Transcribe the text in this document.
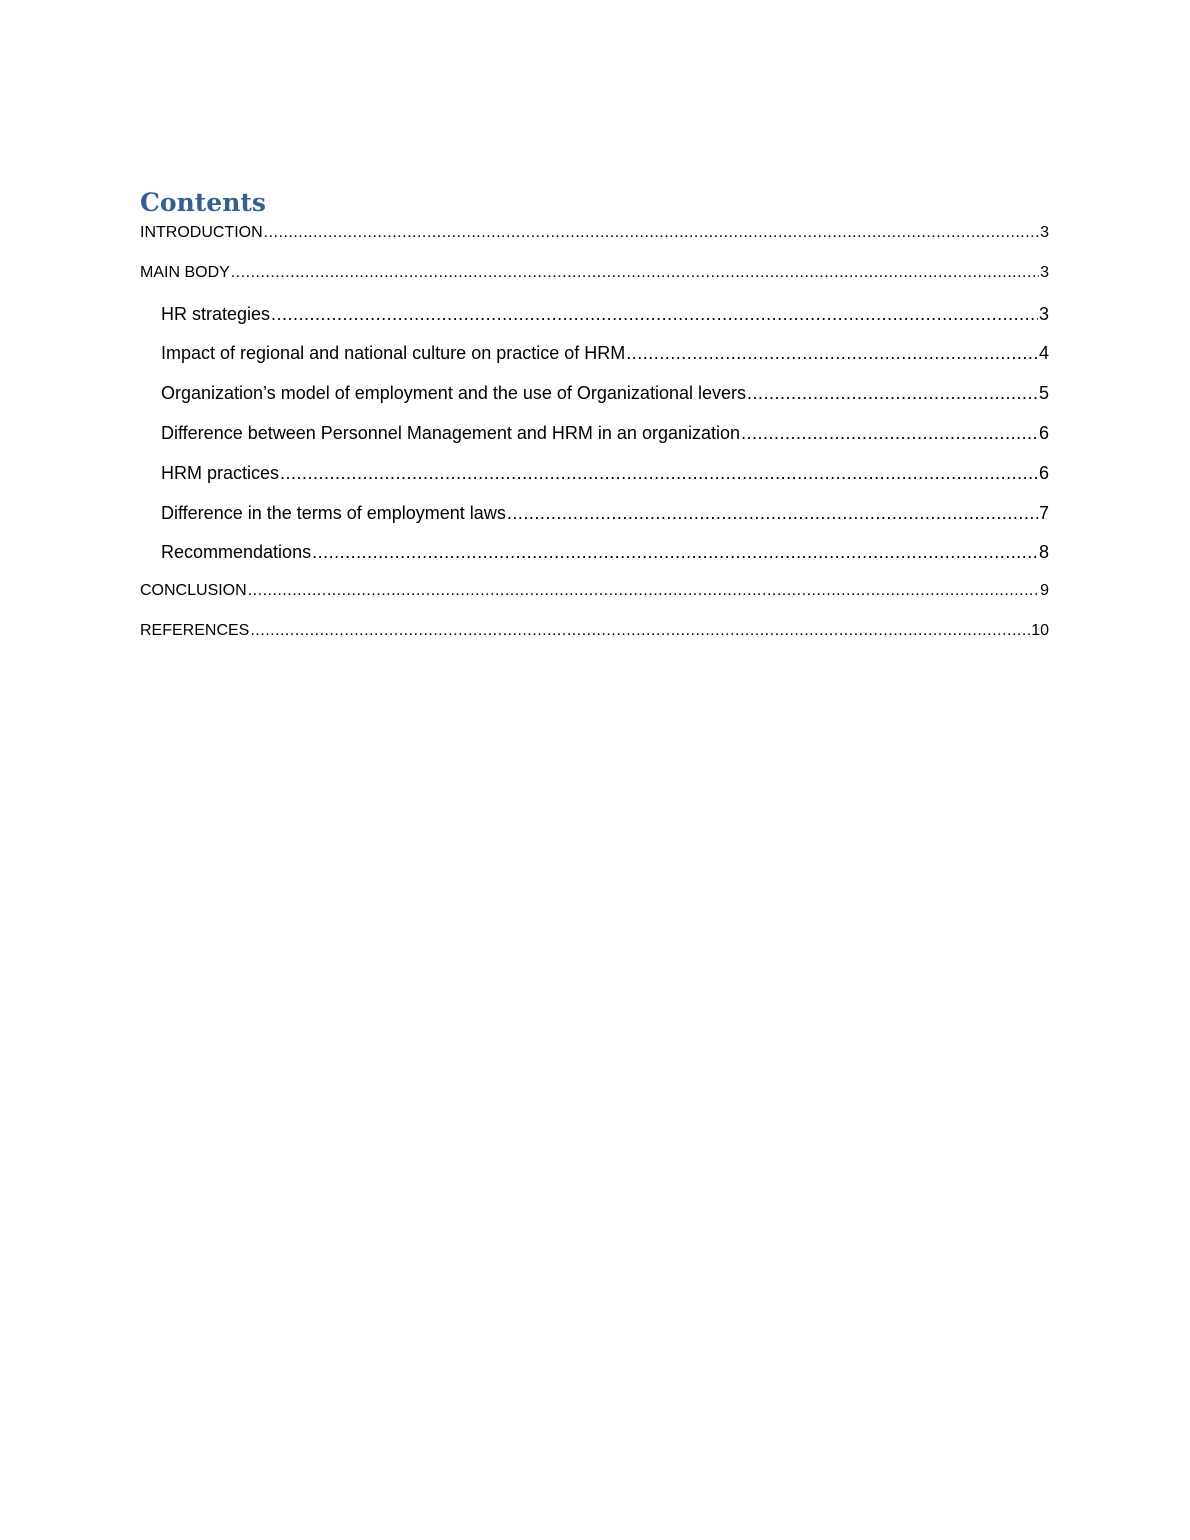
Contents
INTRODUCTION .....	3
MAIN BODY .....	3
HR strategies .....	3
Impact of regional and national culture on practice of HRM .....	4
Organization’s model of employment and the use of Organizational levers .....	5
Difference between Personnel Management and HRM in an organization .....	6
HRM practices .....	6
Difference in the terms of employment laws .....	7
Recommendations .....	8
CONCLUSION .....	9
REFERENCES .....	10
